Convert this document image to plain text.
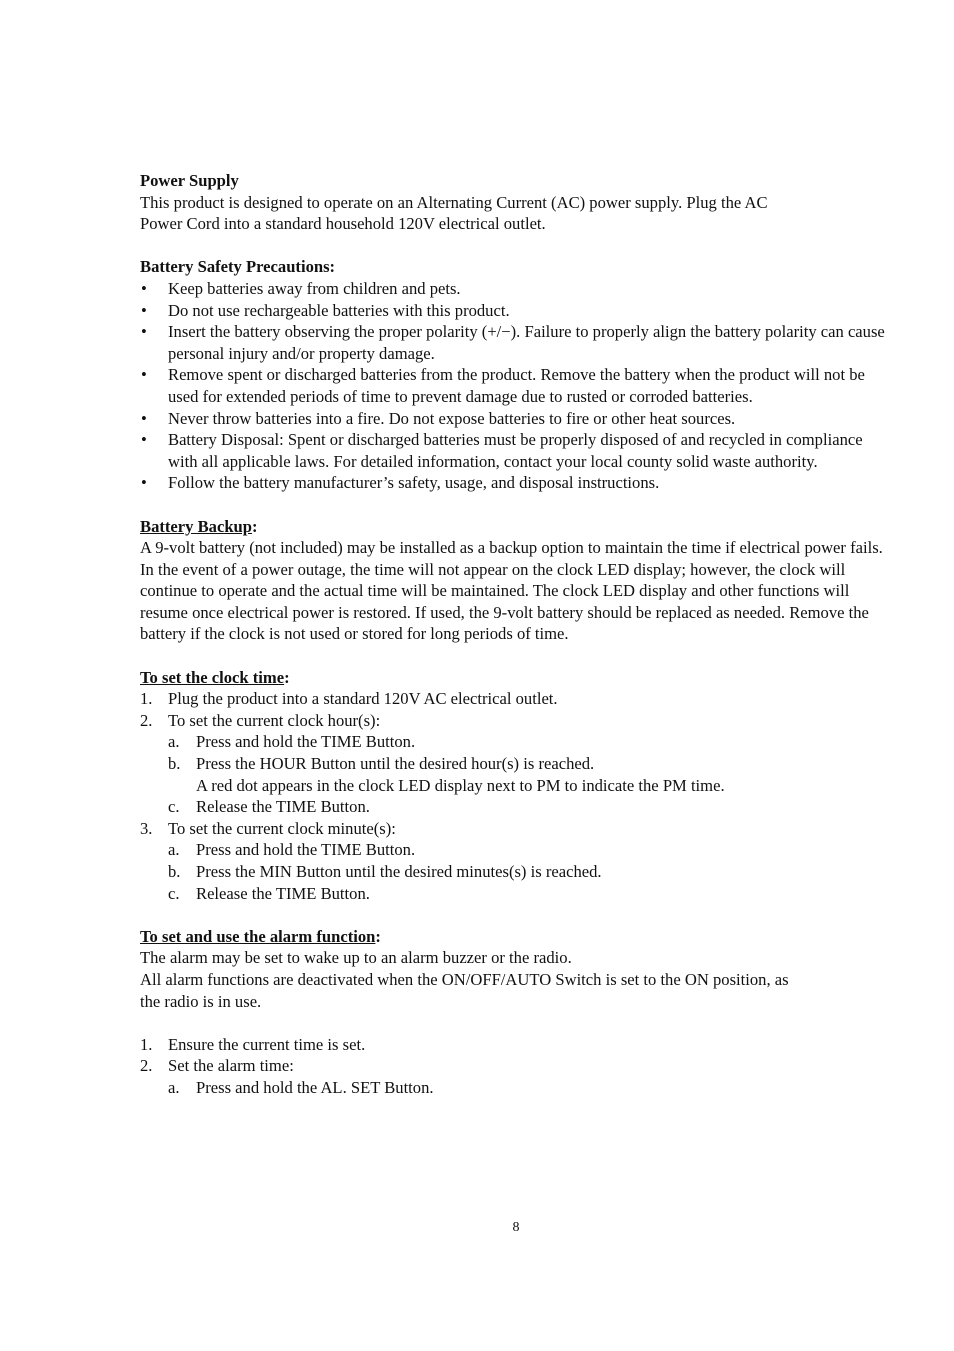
Power Supply

This product is designed to operate on an Alternating Current (AC) power supply. Plug the AC

Power Cord into a standard household 120V electrical outlet.

Battery Safety Precautions:

• Keep batteries away from children and pets.
• Do not use rechargeable batteries with this product.
• Insert the battery observing the proper polarity (+/−). Failure to properly align the battery polarity can cause personal injury and/or property damage.
• Remove spent or discharged batteries from the product. Remove the battery when the product will not be used for extended periods of time to prevent damage due to rusted or corroded batteries.
• Never throw batteries into a fire. Do not expose batteries to fire or other heat sources.
• Battery Disposal: Spent or discharged batteries must be properly disposed of and recycled in compliance with all applicable laws. For detailed information, contact your local county solid waste authority.
• Follow the battery manufacturer’s safety, usage, and disposal instructions.

Battery Backup:

A 9-volt battery (not included) may be installed as a backup option to maintain the time if electrical power fails. In the event of a power outage, the time will not appear on the clock LED display; however, the clock will continue to operate and the actual time will be maintained. The clock LED display and other functions will resume once electrical power is restored. If used, the 9-volt battery should be replaced as needed. Remove the battery if the clock is not used or stored for long periods of time.

To set the clock time:

1. Plug the product into a standard 120V AC electrical outlet.
2. To set the current clock hour(s):
a. Press and hold the TIME Button.
b. Press the HOUR Button until the desired hour(s) is reached.
A red dot appears in the clock LED display next to PM to indicate the PM time.
c. Release the TIME Button.
3. To set the current clock minute(s):
a. Press and hold the TIME Button.
b. Press the MIN Button until the desired minutes(s) is reached.
c. Release the TIME Button.

To set and use the alarm function:

The alarm may be set to wake up to an alarm buzzer or the radio.

All alarm functions are deactivated when the ON/OFF/AUTO Switch is set to the ON position, as

the radio is in use.

1. Ensure the current time is set.
2. Set the alarm time:
a. Press and hold the AL. SET Button.
8
